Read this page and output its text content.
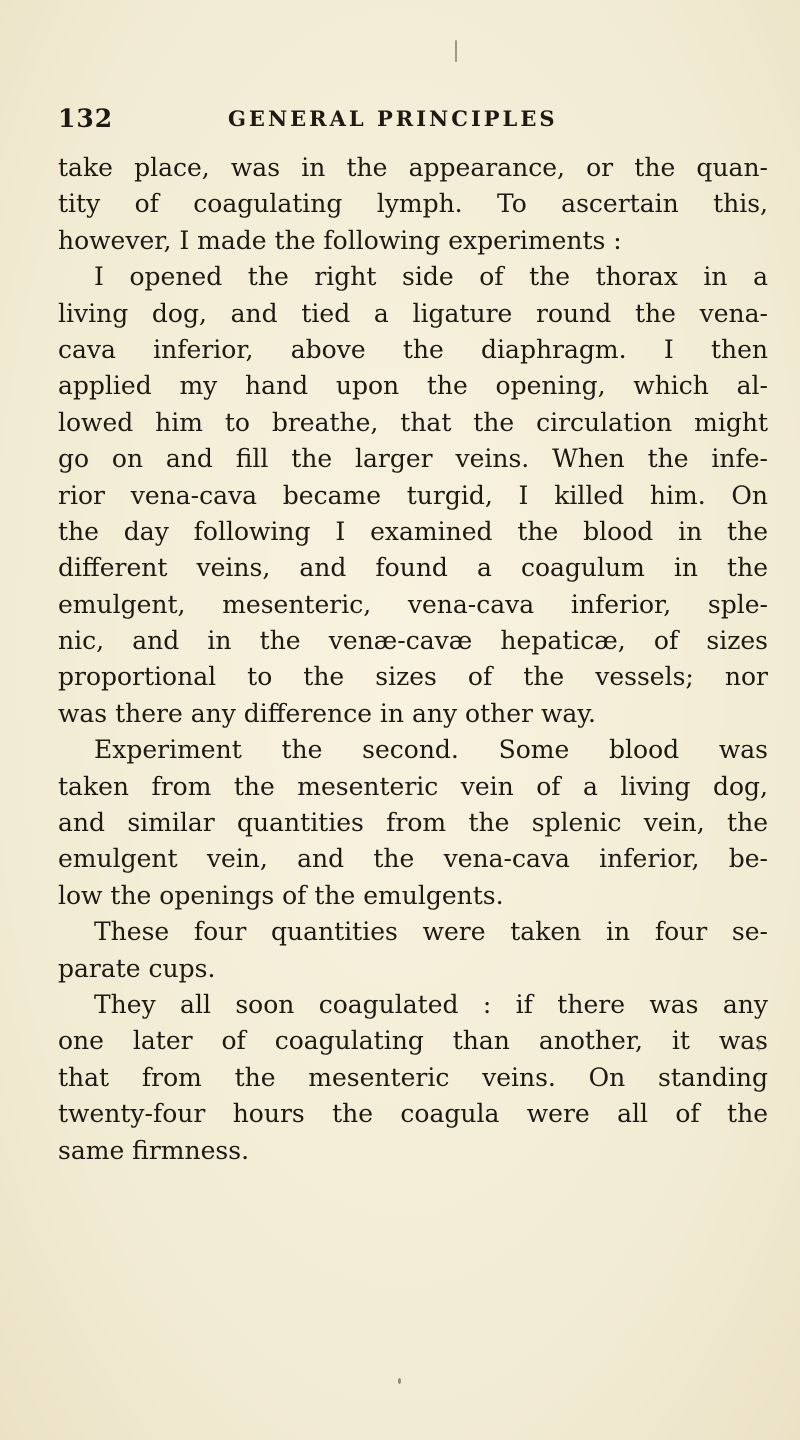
132	GENERAL PRINCIPLES
take place, was in the appearance, or the quan-
tity of coagulating lymph. To ascertain this,
however, I made the following experiments :
I opened the right side of the thorax in a
living dog, and tied a ligature round the vena-
cava inferior, above the diaphragm. I then
applied my hand upon the opening, which al-
lowed him to breathe, that the circulation might
go on and fill the larger veins. When the infe-
rior vena-cava became turgid, I killed him. On
the day following I examined the blood in the
different veins, and found a coagulum in the
emulgent, mesenteric, vena-cava inferior, sple-
nic, and in the venæ-cavæ hepaticæ, of sizes
proportional to the sizes of the vessels; nor
was there any difference in any other way.
Experiment the second. Some blood was
taken from the mesenteric vein of a living dog,
and similar quantities from the splenic vein, the
emulgent vein, and the vena-cava inferior, be-
low the openings of the emulgents.
These four quantities were taken in four se-
parate cups.
They all soon coagulated : if there was any
one later of coagulating than another, it was
that from the mesenteric veins. On standing
twenty-four hours the coagula were all of the
same firmness.
